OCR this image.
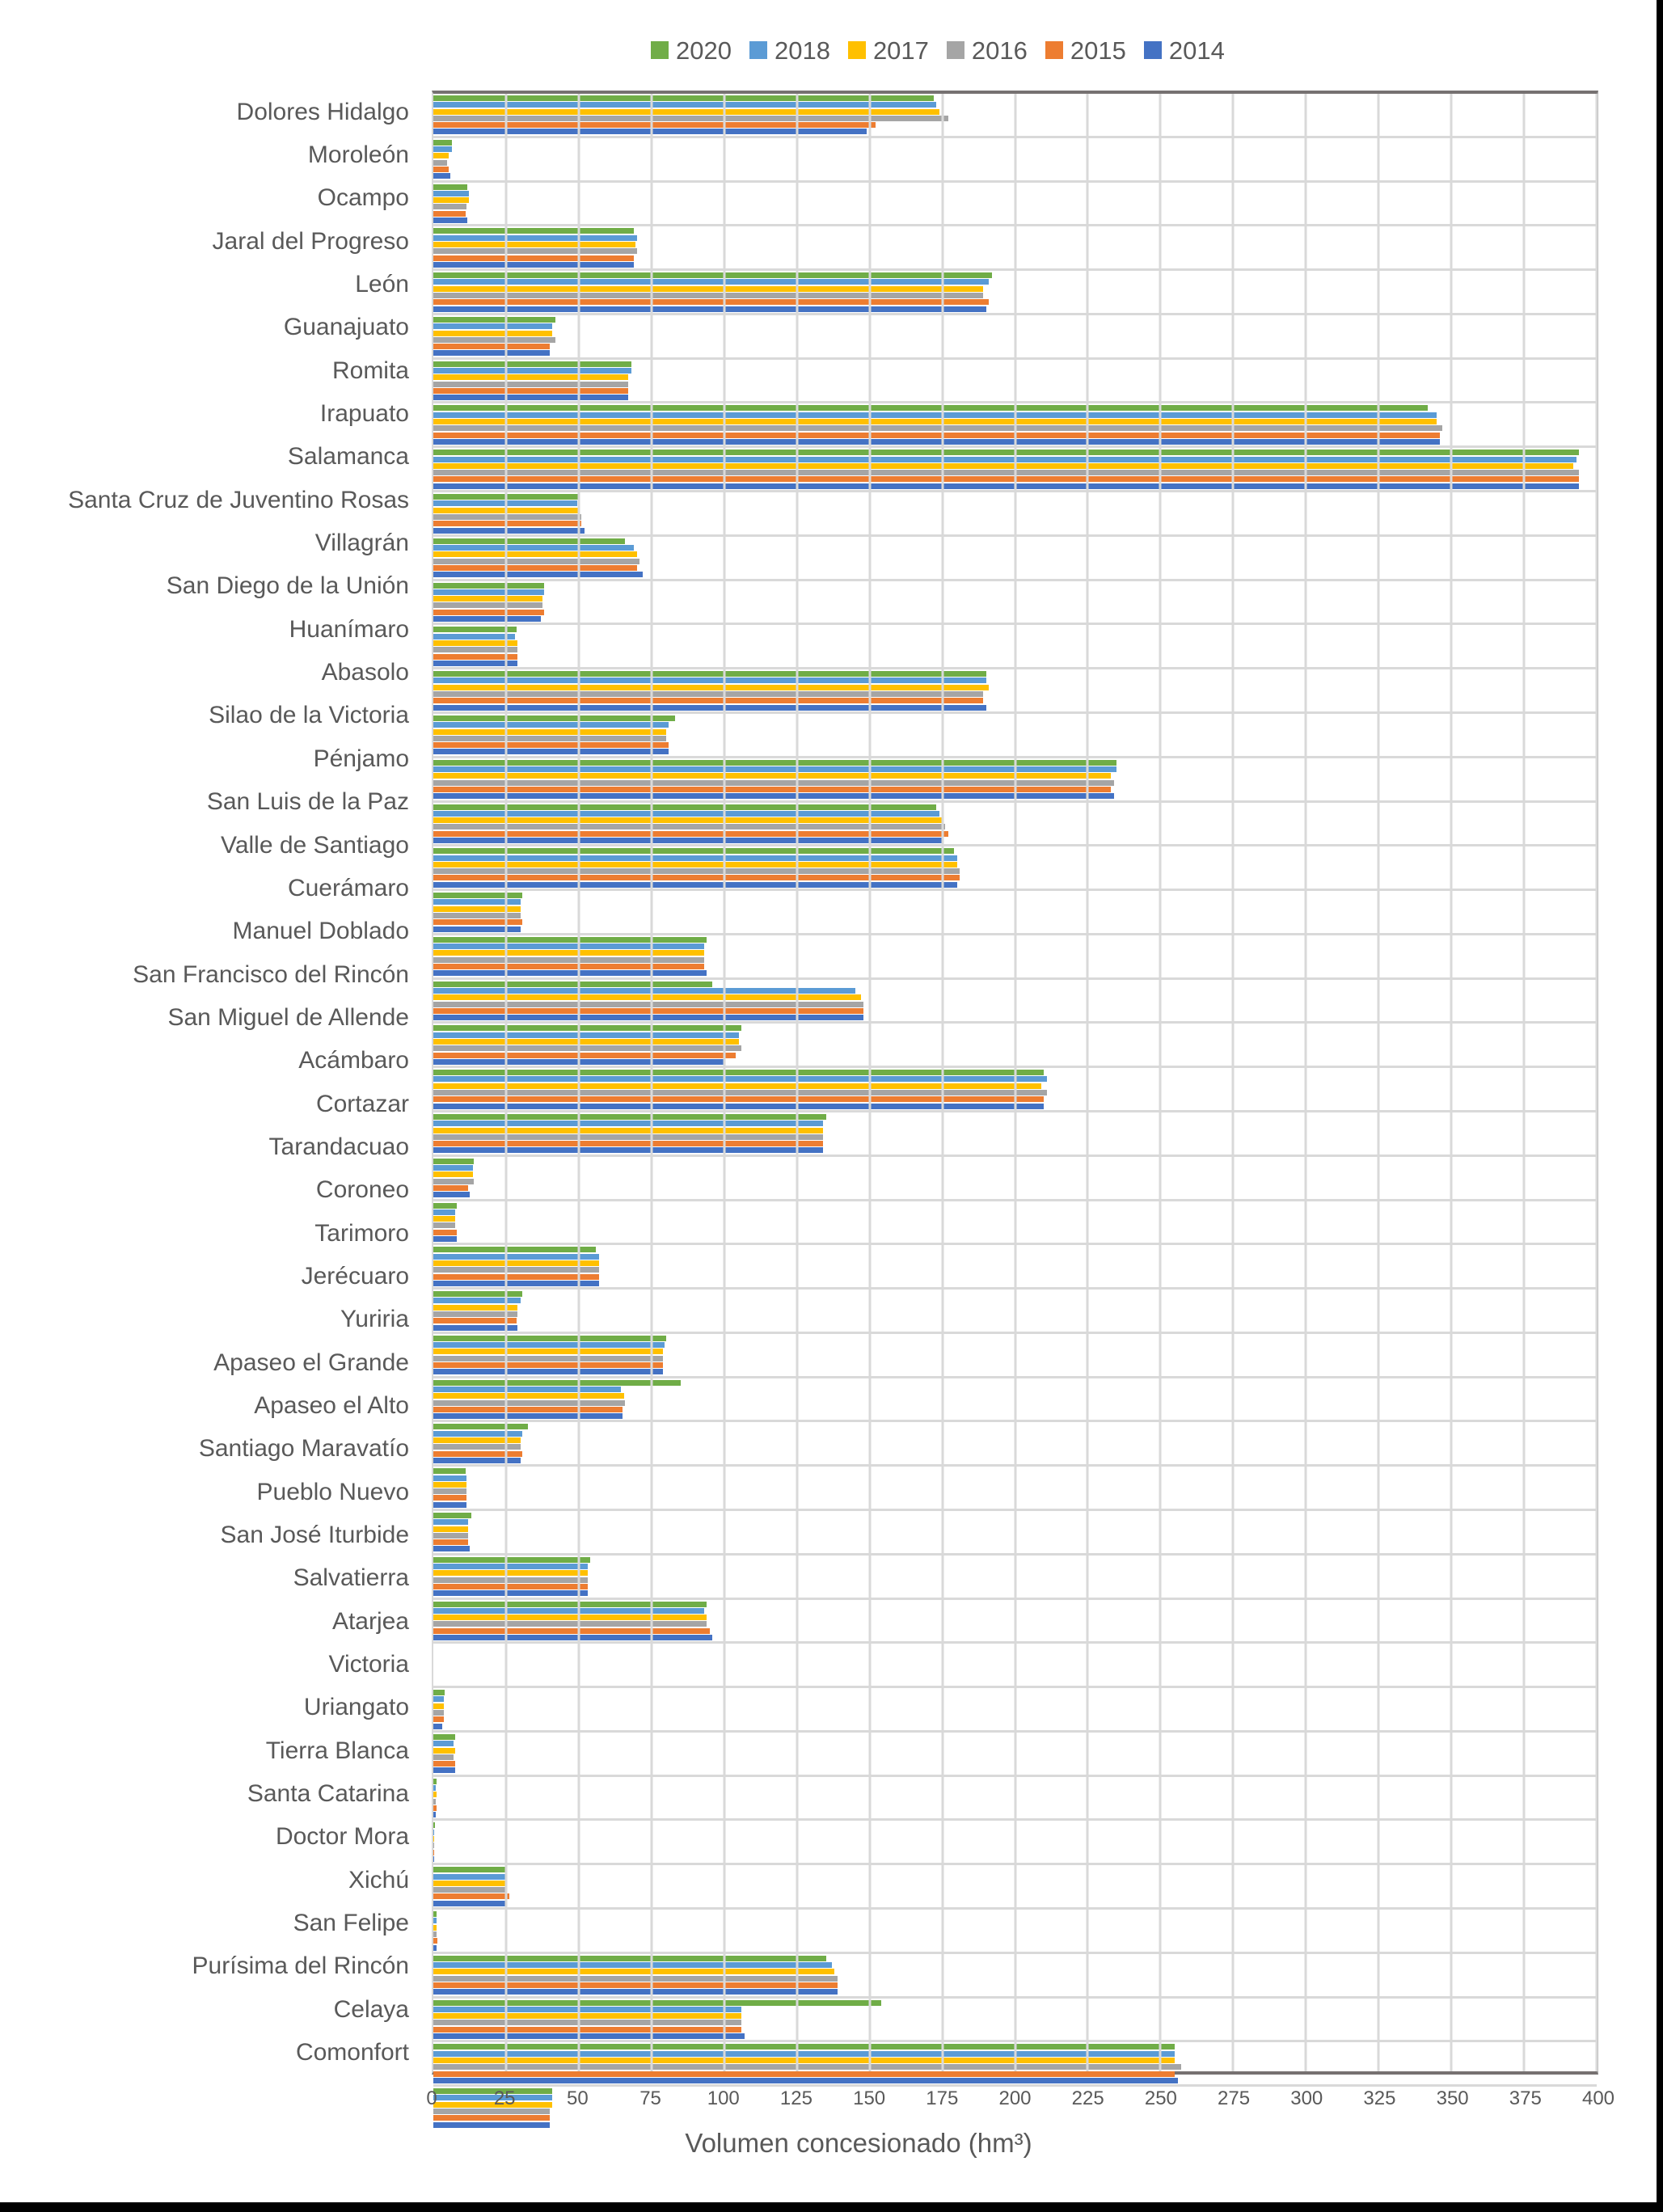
2020 2018 2017 2016 2015 2014
Dolores Hidalgo
Moroleón
Ocampo
Jaral del Progreso
León
Guanajuato
Romita
Irapuato
Salamanca
Santa Cruz de Juventino Rosas
Villagrán
San Diego de la Unión
Huanímaro
Abasolo
Silao de la Victoria
Pénjamo
San Luis de la Paz
Valle de Santiago
Cuerámaro
Manuel Doblado
San Francisco del Rincón
San Miguel de Allende
Acámbaro
Cortazar
Tarandacuao
Coroneo
Tarimoro
Jerécuaro
Yuriria
Apaseo el Grande
Apaseo el Alto
Santiago Maravatío
Pueblo Nuevo
San José Iturbide
Salvatierra
Atarjea
Victoria
Uriangato
Tierra Blanca
Santa Catarina
Doctor Mora
Xichú
San Felipe
Purísima del Rincón
Celaya
Comonfort
0	25	50	75 100 125 150 175 200 225 250 275 300 325 350 375 400
Volumen concesionado (hm³)
